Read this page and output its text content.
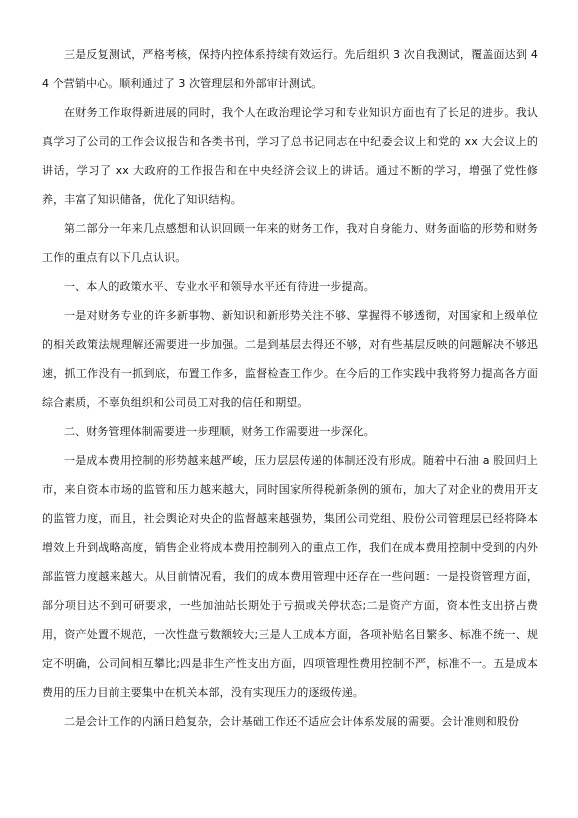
三是反复测试，严格考核，保持内控体系持续有效运行。先后组织 3 次自我测试，覆盖面达到 44 个营销中心。顺利通过了 3 次管理层和外部审计测试。

在财务工作取得新进展的同时，我个人在政治理论学习和专业知识方面也有了长足的进步。我认真学习了公司的工作会议报告和各类书刊，学习了总书记同志在中纪委会议上和党的 xx 大会议上的讲话，学习了 xx 大政府的工作报告和在中央经济会议上的讲话。通过不断的学习，增强了党性修养，丰富了知识储备，优化了知识结构。

第二部分一年来几点感想和认识回顾一年来的财务工作，我对自身能力、财务面临的形势和财务工作的重点有以下几点认识。

一、本人的政策水平、专业水平和领导水平还有待进一步提高。

一是对财务专业的许多新事物、新知识和新形势关注不够、掌握得不够透彻，对国家和上级单位的相关政策法规理解还需要进一步加强。二是到基层去得还不够，对有些基层反映的问题解决不够迅速，抓工作没有一抓到底，布置工作多，监督检查工作少。在今后的工作实践中我将努力提高各方面综合素质，不辜负组织和公司员工对我的信任和期望。

二、财务管理体制需要进一步理顺，财务工作需要进一步深化。

一是成本费用控制的形势越来越严峻，压力层层传递的体制还没有形成。随着中石油 a 股回归上市，来自资本市场的监管和压力越来越大，同时国家所得税新条例的颁布，加大了对企业的费用开支的监管力度，而且，社会舆论对央企的监督越来越强势，集团公司党组、股份公司管理层已经将降本增效上升到战略高度，销售企业将成本费用控制列入的重点工作，我们在成本费用控制中受到的内外部监管力度越来越大。从目前情况看，我们的成本费用管理中还存在一些问题：一是投资管理方面，部分项目达不到可研要求，一些加油站长期处于亏损或关停状态;二是资产方面，资本性支出挤占费用，资产处置不规范，一次性盘亏数额较大;三是人工成本方面，各项补贴名目繁多、标准不统一、规定不明确，公司间相互攀比;四是非生产性支出方面，四项管理性费用控制不严，标准不一。五是成本费用的压力目前主要集中在机关本部，没有实现压力的逐级传递。

二是会计工作的内涵日趋复杂，会计基础工作还不适应会计体系发展的需要。会计准则和股份
